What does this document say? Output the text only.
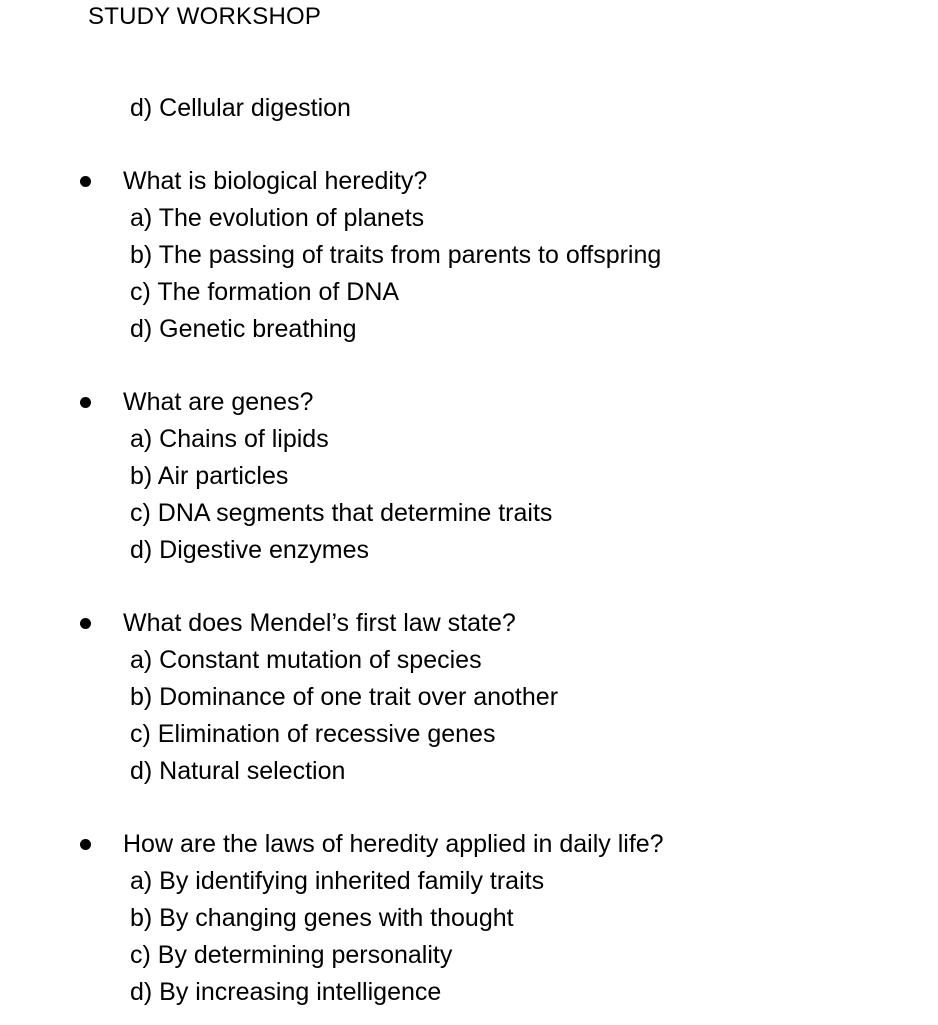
STUDY WORKSHOP
d) Cellular digestion
What is biological heredity?
a) The evolution of planets
b) The passing of traits from parents to offspring
c) The formation of DNA
d) Genetic breathing
What are genes?
a) Chains of lipids
b) Air particles
c) DNA segments that determine traits
d) Digestive enzymes
What does Mendel’s first law state?
a) Constant mutation of species
b) Dominance of one trait over another
c) Elimination of recessive genes
d) Natural selection
How are the laws of heredity applied in daily life?
a) By identifying inherited family traits
b) By changing genes with thought
c) By determining personality
d) By increasing intelligence
